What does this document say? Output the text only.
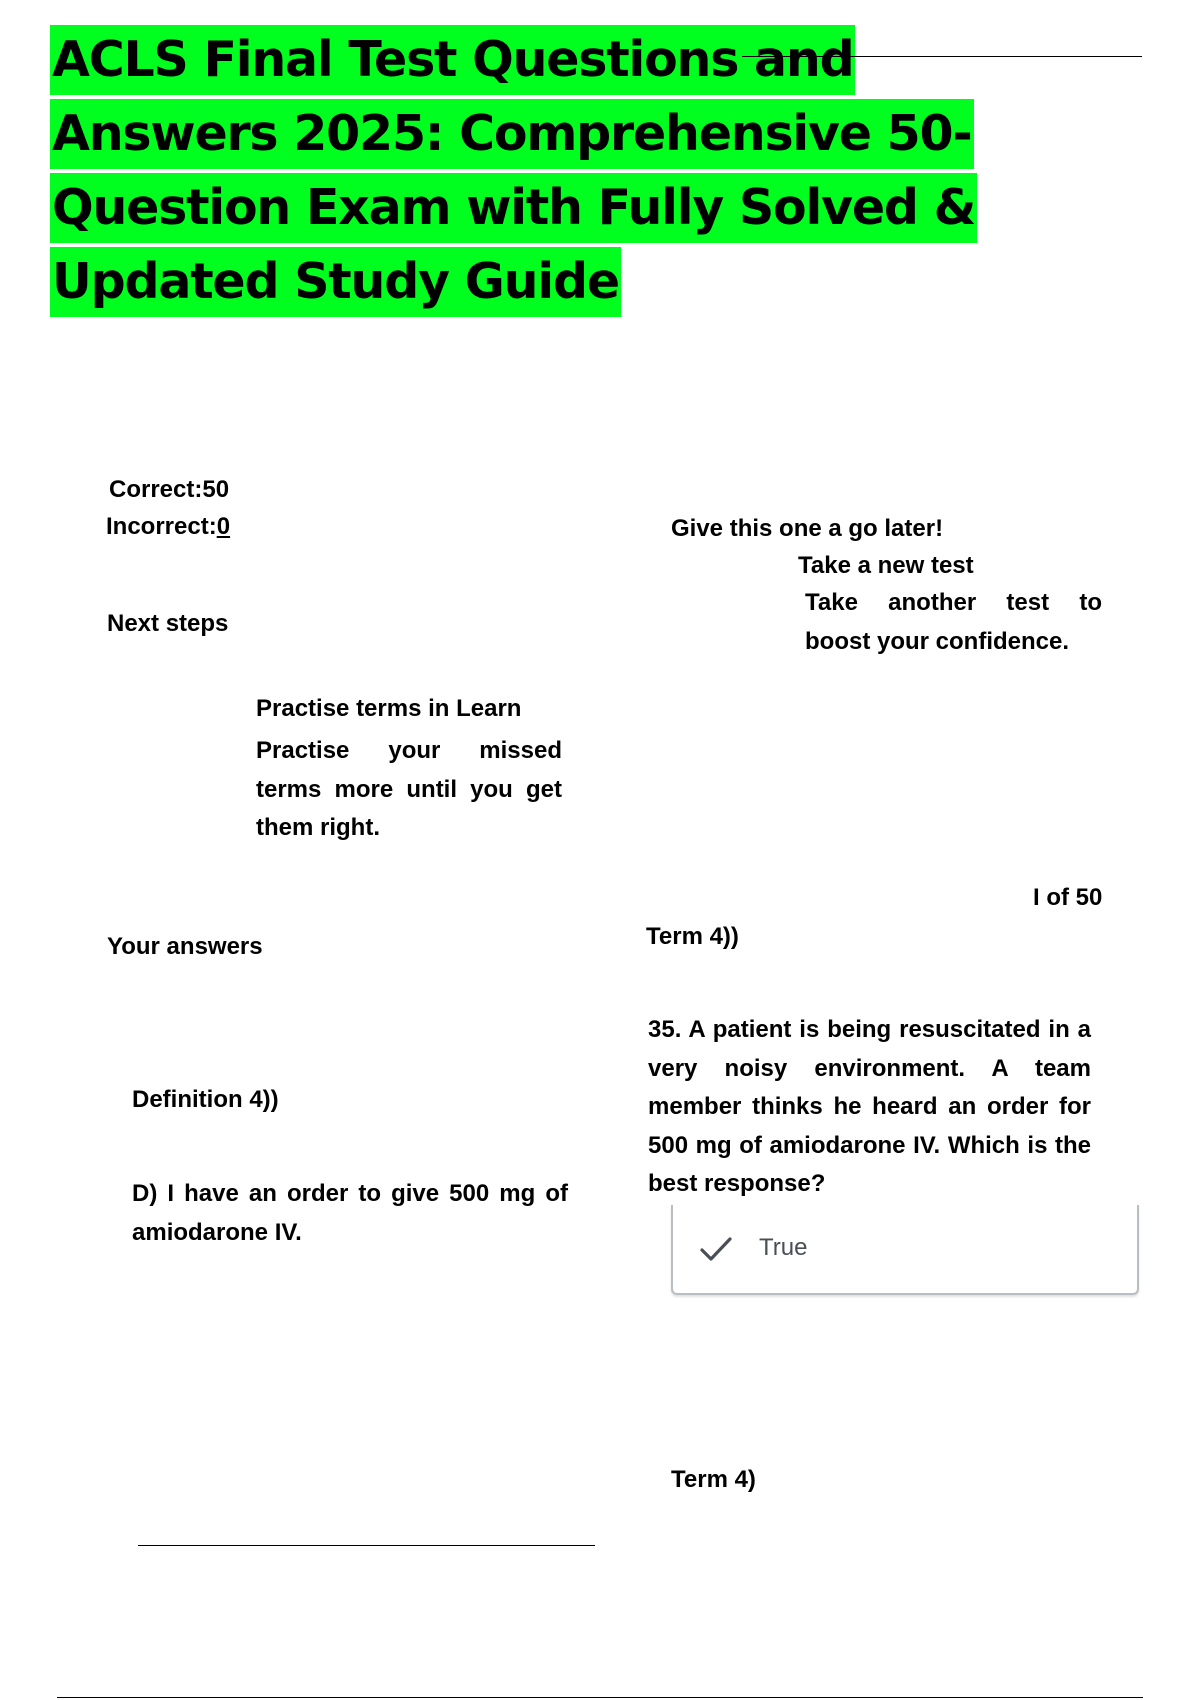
ACLS Final Test Questions and
Answers 2025: Comprehensive 50-
Question Exam with Fully Solved &
Updated Study Guide
Correct:50
Incorrect:0	Give this one a go later!
Take a new test
Take another test to boost your confidence.
Next steps
Practise terms in Learn
Practise your missed terms more until you get them right.
I of 50
Your answers	Term 4))
35. A patient is being resuscitated in a very noisy environment. A team member thinks he heard an order for 500 mg of amiodarone IV. Which is the best response?
Definition 4))
D) I have an order to give 500 mg of amiodarone IV.
True
Term 4)
